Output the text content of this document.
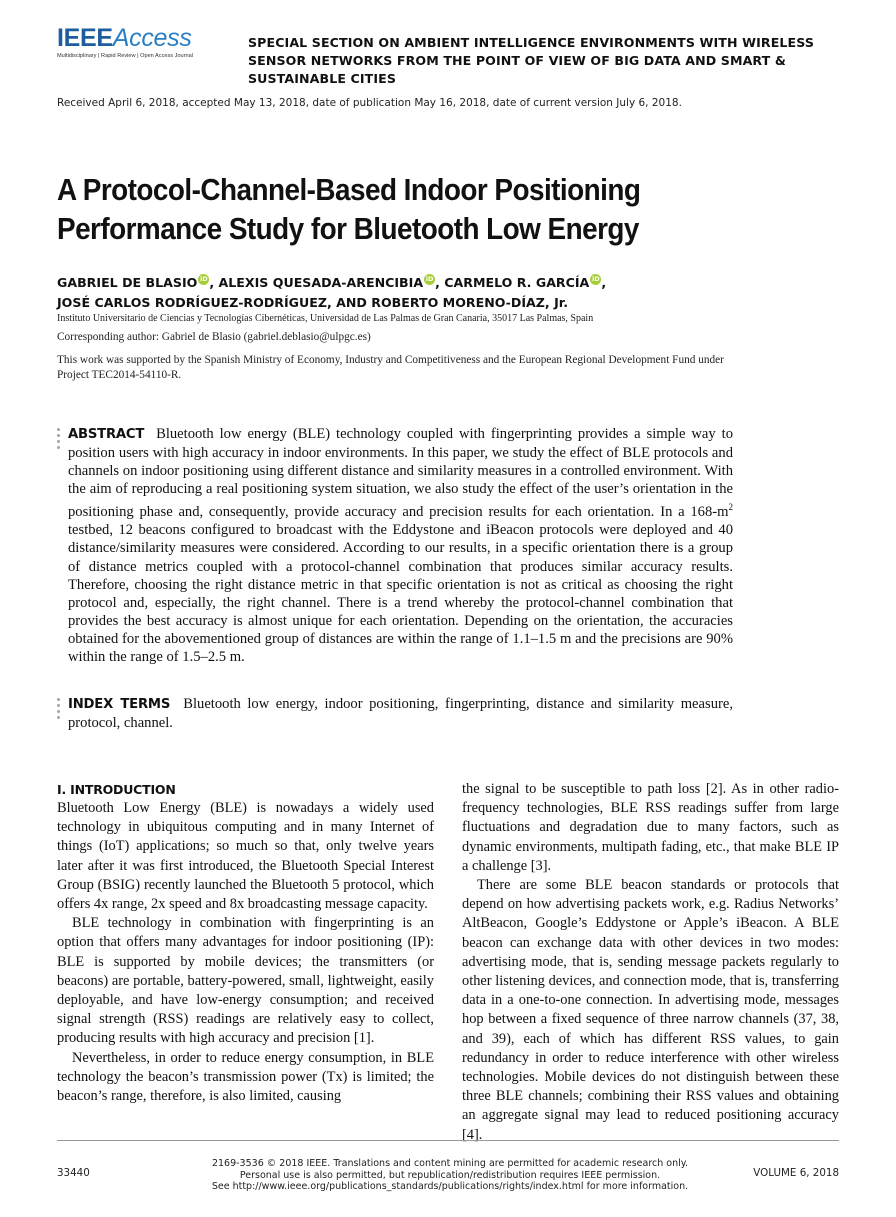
IEEEAccess
Multidisciplinary | Rapid Review | Open Access Journal
SPECIAL SECTION ON AMBIENT INTELLIGENCE ENVIRONMENTS WITH WIRELESS SENSOR NETWORKS FROM THE POINT OF VIEW OF BIG DATA AND SMART & SUSTAINABLE CITIES
Received April 6, 2018, accepted May 13, 2018, date of publication May 16, 2018, date of current version July 6, 2018.
A Protocol-Channel-Based Indoor Positioning Performance Study for Bluetooth Low Energy
GABRIEL DE BLASIO iD , ALEXIS QUESADA-ARENCIBIA iD , CARMELO R. GARCÍA iD ,
JOSÉ CARLOS RODRÍGUEZ-RODRÍGUEZ, AND ROBERTO MORENO-DÍAZ, Jr.
Instituto Universitario de Ciencias y Tecnologías Cibernéticas, Universidad de Las Palmas de Gran Canaria, 35017 Las Palmas, Spain
Corresponding author: Gabriel de Blasio (gabriel.deblasio@ulpgc.es)
This work was supported by the Spanish Ministry of Economy, Industry and Competitiveness and the European Regional Development Fund under Project TEC2014-54110-R.
ABSTRACT Bluetooth low energy (BLE) technology coupled with fingerprinting provides a simple way to position users with high accuracy in indoor environments. In this paper, we study the effect of BLE protocols and channels on indoor positioning using different distance and similarity measures in a controlled environment. With the aim of reproducing a real positioning system situation, we also study the effect of the user’s orientation in the positioning phase and, consequently, provide accuracy and precision results for each orientation. In a $168-m^2$ testbed, 12 beacons configured to broadcast with the Eddystone and iBeacon protocols were deployed and 40 distance/similarity measures were considered. According to our results, in a specific orientation there is a group of distance metrics coupled with a protocol-channel combination that produces similar accuracy results. Therefore, choosing the right distance metric in that specific orientation is not as critical as choosing the right protocol and, especially, the right channel. There is a trend whereby the protocol-channel combination that provides the best accuracy is almost unique for each orientation. Depending on the orientation, the accuracies obtained for the abovementioned group of distances are within the range of 1.1–1.5 m and the precisions are 90% within the range of 1.5–2.5 m.
INDEX TERMS Bluetooth low energy, indoor positioning, fingerprinting, distance and similarity measure, protocol, channel.
I. INTRODUCTION

Bluetooth Low Energy (BLE) is nowadays a widely used technology in ubiquitous computing and in many Internet of things (IoT) applications; so much so that, only twelve years later after it was first introduced, the Bluetooth Special Interest Group (BSIG) recently launched the Bluetooth 5 protocol, which offers 4x range, 2x speed and 8x broadcasting message capacity.

BLE technology in combination with fingerprinting is an option that offers many advantages for indoor positioning (IP): BLE is supported by mobile devices; the transmitters (or beacons) are portable, battery-powered, small, lightweight, easily deployable, and have low-energy consumption; and received signal strength (RSS) readings are relatively easy to collect, producing results with high accuracy and precision [1].

Nevertheless, in order to reduce energy consumption, in BLE technology the beacon’s transmission power (Tx) is limited; the beacon’s range, therefore, is also limited, causing

the signal to be susceptible to path loss [2]. As in other radio-frequency technologies, BLE RSS readings suffer from large fluctuations and degradation due to many factors, such as dynamic environments, multipath fading, etc., that make BLE IP a challenge [3].

There are some BLE beacon standards or protocols that depend on how advertising packets work, e.g. Radius Networks’ AltBeacon, Google’s Eddystone or Apple’s iBeacon. A BLE beacon can exchange data with other devices in two modes: advertising mode, that is, sending message packets regularly to other listening devices, and connection mode, that is, transferring data in a one-to-one connection. In advertising mode, messages hop between a fixed sequence of three narrow channels (37, 38, and 39), each of which has different RSS values, to gain redundancy in order to reduce interference with other wireless technologies. Mobile devices do not distinguish between these three BLE channels; combining their RSS values and obtaining an aggregate signal may lead to reduced positioning accuracy [4].

33440
2169-3536 © 2018 IEEE. Translations and content mining are permitted for academic research only.
Personal use is also permitted, but republication/redistribution requires IEEE permission.
See http://www.ieee.org/publications_standards/publications/rights/index.html for more information.
VOLUME 6, 2018
